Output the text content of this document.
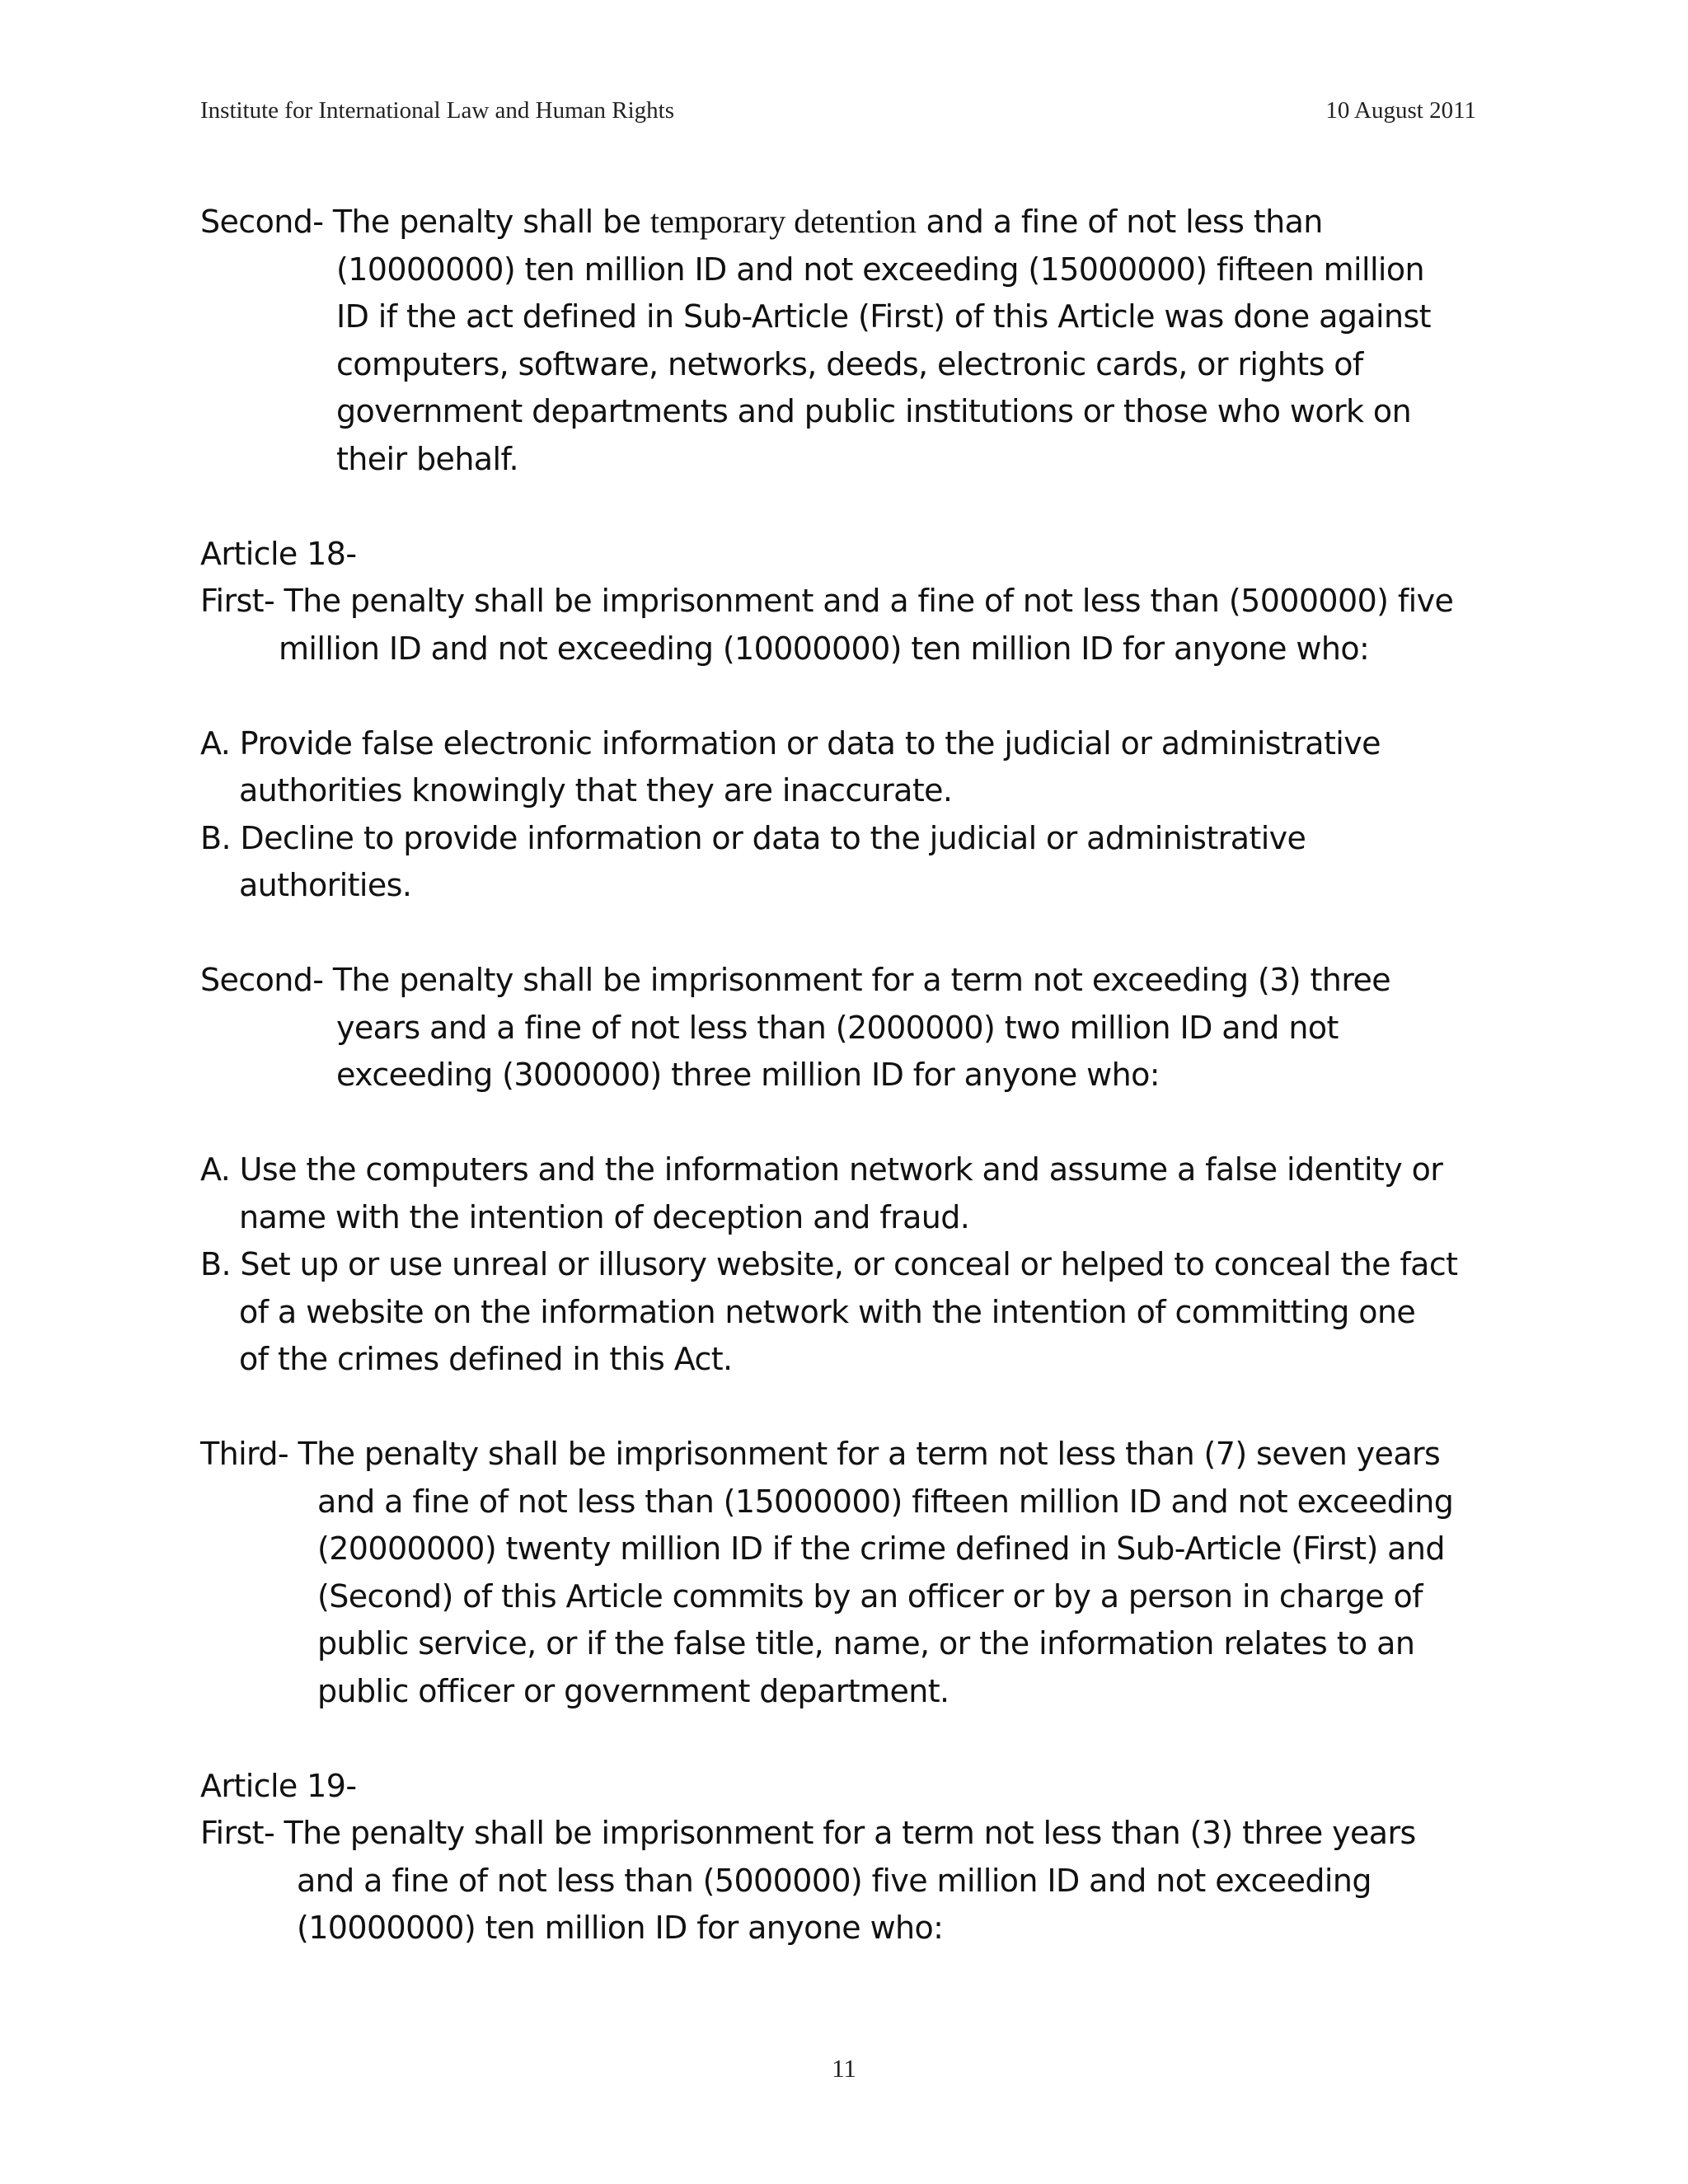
Institute for International Law and Human Rights	10 August 2011

Second- The penalty shall be temporary detention and a fine of not less than

(10000000) ten million ID and not exceeding (15000000) fifteen million

ID if the act defined in Sub-Article (First) of this Article was done against

computers, software, networks, deeds, electronic cards, or rights of

government departments and public institutions or those who work on

their behalf.

Article 18-

First- The penalty shall be imprisonment and a fine of not less than (5000000) five

million ID and not exceeding (10000000) ten million ID for anyone who:

A. Provide false electronic information or data to the judicial or administrative

authorities knowingly that they are inaccurate.

B. Decline to provide information or data to the judicial or administrative

authorities.

Second- The penalty shall be imprisonment for a term not exceeding (3) three

years and a fine of not less than (2000000) two million ID and not

exceeding (3000000) three million ID for anyone who:

A. Use the computers and the information network and assume a false identity or

name with the intention of deception and fraud.

B. Set up or use unreal or illusory website, or conceal or helped to conceal the fact

of a website on the information network with the intention of committing one

of the crimes defined in this Act.

Third- The penalty shall be imprisonment for a term not less than (7) seven years

and a fine of not less than (15000000) fifteen million ID and not exceeding

(20000000) twenty million ID if the crime defined in Sub-Article (First) and

(Second) of this Article commits by an officer or by a person in charge of

public service, or if the false title, name, or the information relates to an

public officer or government department.

Article 19-

First- The penalty shall be imprisonment for a term not less than (3) three years

and a fine of not less than (5000000) five million ID and not exceeding

(10000000) ten million ID for anyone who:

11
